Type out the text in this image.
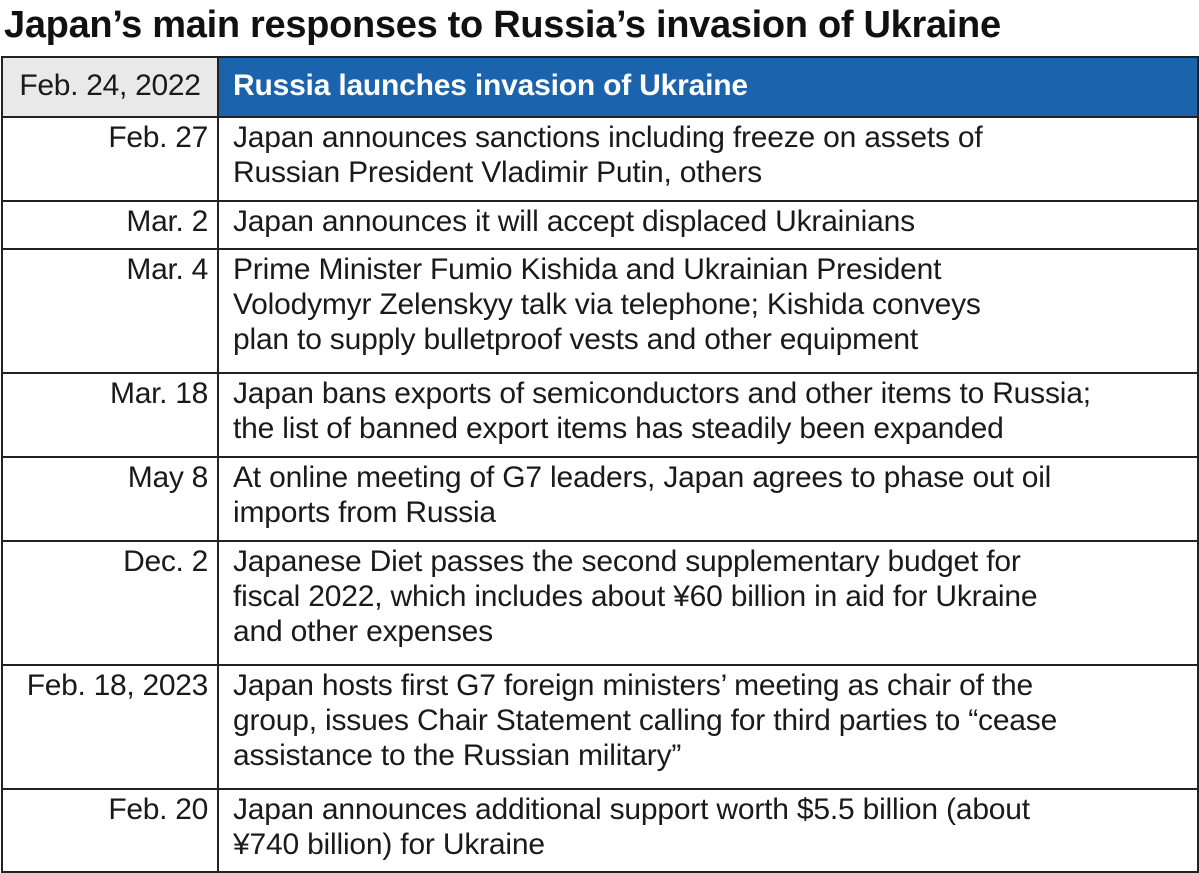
Japan’s main responses to Russia’s invasion of Ukraine
Feb. 24, 2022	Russia launches invasion of Ukraine
Feb. 27	Japan announces sanctions including freeze on assets of
Russian President Vladimir Putin, others
Mar. 2	Japan announces it will accept displaced Ukrainians
Mar. 4	Prime Minister Fumio Kishida and Ukrainian President
Volodymyr Zelenskyy talk via telephone; Kishida conveys
plan to supply bulletproof vests and other equipment
Mar. 18	Japan bans exports of semiconductors and other items to Russia;
the list of banned export items has steadily been expanded
May 8	At online meeting of G7 leaders, Japan agrees to phase out oil
imports from Russia
Dec. 2	Japanese Diet passes the second supplementary budget for
fiscal 2022, which includes about ¥60 billion in aid for Ukraine
and other expenses
Feb. 18, 2023	Japan hosts first G7 foreign ministers’ meeting as chair of the
group, issues Chair Statement calling for third parties to “cease
assistance to the Russian military”
Feb. 20	Japan announces additional support worth $5.5 billion (about
¥740 billion) for Ukraine
